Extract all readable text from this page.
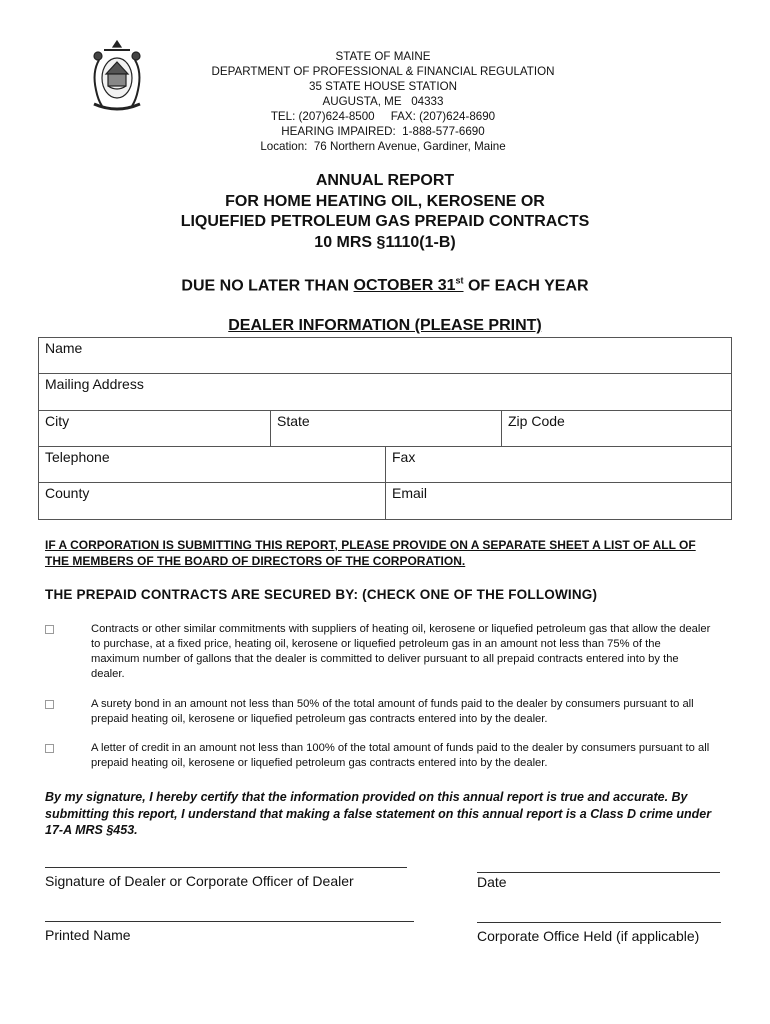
STATE OF MAINE
DEPARTMENT OF PROFESSIONAL & FINANCIAL REGULATION
35 STATE HOUSE STATION
AUGUSTA, ME   04333
TEL: (207)624-8500     FAX: (207)624-8690
HEARING IMPAIRED:  1-888-577-6690
Location:  76 Northern Avenue, Gardiner, Maine
ANNUAL REPORT
FOR HOME HEATING OIL, KEROSENE OR
LIQUEFIED PETROLEUM GAS PREPAID CONTRACTS
10 MRS §1110(1-B)
DUE NO LATER THAN OCTOBER 31st OF EACH YEAR
DEALER INFORMATION (PLEASE PRINT)
Name
Mailing Address
City	State	Zip Code
Telephone	Fax
County	Email
IF A CORPORATION IS SUBMITTING THIS REPORT, PLEASE PROVIDE ON A SEPARATE SHEET A LIST OF ALL OF THE MEMBERS OF THE BOARD OF DIRECTORS OF THE CORPORATION.
THE PREPAID CONTRACTS ARE SECURED BY: (CHECK ONE OF THE FOLLOWING)
Contracts or other similar commitments with suppliers of heating oil, kerosene or liquefied petroleum gas that allow the dealer to purchase, at a fixed price, heating oil, kerosene or liquefied petroleum gas in an amount not less than 75% of the maximum number of gallons that the dealer is committed to deliver pursuant to all prepaid contracts entered into by the dealer.
A surety bond in an amount not less than 50% of the total amount of funds paid to the dealer by consumers pursuant to all prepaid heating oil, kerosene or liquefied petroleum gas contracts entered into by the dealer.
A letter of credit in an amount not less than 100% of the total amount of funds paid to the dealer by consumers pursuant to all prepaid heating oil, kerosene or liquefied petroleum gas contracts entered into by the dealer.
By my signature, I hereby certify that the information provided on this annual report is true and accurate. By submitting this report, I understand that making a false statement on this annual report is a Class D crime under 17-A MRS §453.
Signature of Dealer or Corporate Officer of Dealer	Date
Printed Name	Corporate Office Held (if applicable)
